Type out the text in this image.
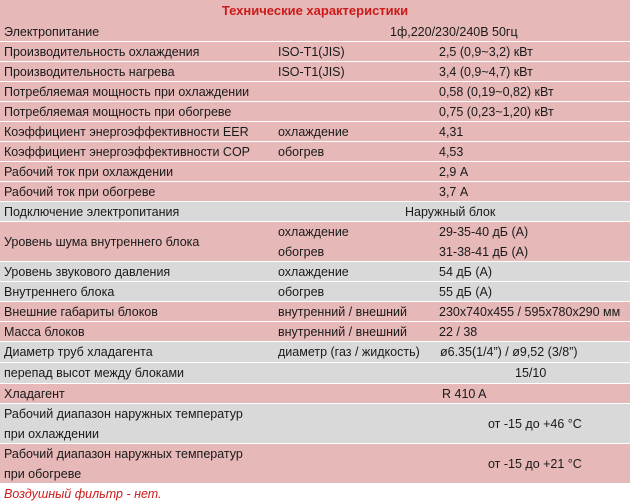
Технические характеристики
Электропитание	1ф,220/230/240В 50гц
Производительность охлаждения	ISO-T1(JIS)	2,5 (0,9~3,2) кВт
Производительность нагрева	ISO-T1(JIS)	3,4 (0,9~4,7) кВт
Потребляемая мощность при охлаждении	0,58 (0,19~0,82) кВт
Потребляемая мощность при обогреве	0,75 (0,23~1,20) кВт
Коэффициент энергоэффективности EER охлаждение	4,31
Коэффициент энергоэффективности COP обогрев	4,53
Рабочий ток при охлаждении	2,9 А
Рабочий ток при обогреве	3,7 А
Подключение электропитания	Наружный блок
Уровень шума внутреннего блока
охлаждение	29-35-40 дБ (А)
обогрев	31-38-41 дБ (А)
Уровень звукового давления	охлаждение	54 дБ (А)
Внутреннего блока	обогрев	55 дБ (А)
Внешние габариты блоков	внутренний / внешний	230х740х455 / 595х780х290 мм
Масса блоков	внутренний / внешний	22 / 38
Диаметр труб хладагента	диаметр (газ / жидкость) ø6.35(1/4”) / ø9,52 (3/8”)
перепад высот между блоками	15/10
Хладагент	R 410 A
Рабочий диапазон наружных температур при охлаждении
от -15 до +46 °С
Рабочий диапазон наружных температур при обогреве
от -15 до +21 °С
Воздушный фильтр - нет.
